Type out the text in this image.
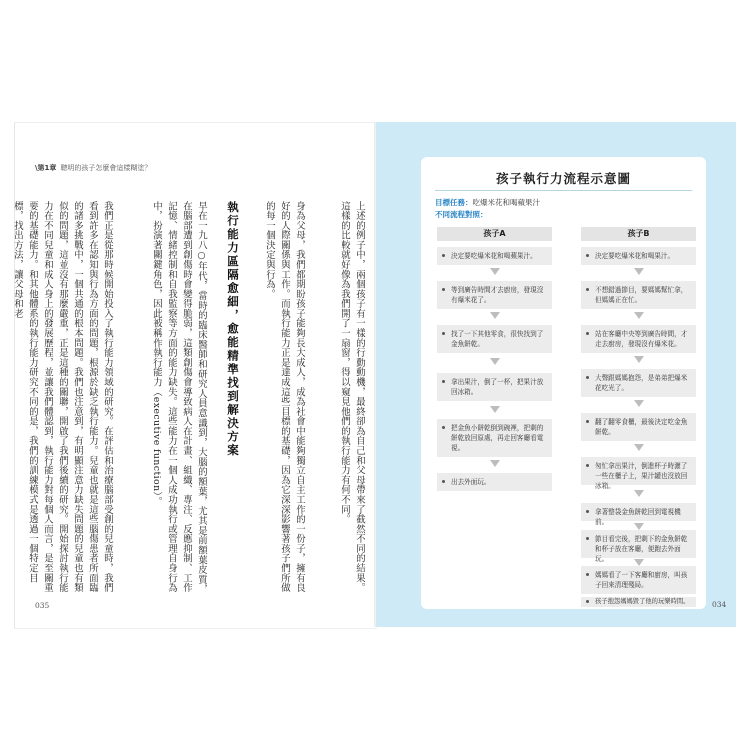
\第1章 聰明的孩子怎麼會這樣糊塗？
上述的例子中，兩個孩子有一樣的行動動機，最終卻為自己和父母帶來了截然不同的結果。這樣的比較就好像為我們開了一扇窗，得以窺見他們的執行能力有何不同。
身為父母，我們都期盼孩子能夠長大成人，成為社會中能夠獨立自主工作的一份子，擁有良好的人際關係與工作。而執行能力正是達成這些目標的基礎，因為它深深影響著孩子們所做的每一個決定與行為。
執行能力區隔愈細，愈能精準找到解決方案
早在一九八○年代，當時的臨床醫師和研究人員意識到，大腦的額葉，尤其是前額葉皮質，在腦部遭到創傷時會變得脆弱，這類創傷會導致病人在計畫、組織、專注、反應抑制、工作記憶、情緒控制和自我監察等方面的能力缺失。這些能力在一個人成功執行或管理自身行為中，扮演著關鍵角色，因此被稱作執行能力（executive function）。
我們正是從那時候開始投入了執行能力領域的研究。在評估和治療腦部受創的兒童時，我們看到許多在認知與行為方面的問題，根源於缺乏執行能力。兒童也就是這些腦傷患者所面臨的諸多挑戰中，一個共通的根本問題。我們也注意到，有明顯注意力缺失問題的兒童也有類似的問題，這並沒有那麼嚴重，正是這種的關聯，開啟了我們後續的研究。開始探討執行能力在不同兒童和成人身上的發展歷程，並讓我們體認到，執行能力對每個人而言，是至關重要的基礎能力。和其他體系的執行能力研究不同的是，我們的訓練模式是透過一個特定目標，找出方法，讓父母和老
035
孩子執行力流程示意圖
目標任務：吃爆米花和喝蘋果汁
不同流程對照：
孩子A	孩子B
決定要吃爆米花和喝蘋果汁。
等到廣告時間才去廚房，發現沒有爆米花了。
找了一下其他零食，很快找到了金魚餅乾。
拿出果汁，倒了一杯，把果汁放回冰箱。
把金魚小餅乾倒到碗裡，把剩的餅乾放回原處，再走回客廳看電視。
出去外面玩。
決定要吃爆米花和喝果汁。
不想錯過節目，要媽媽幫忙拿，但媽媽正在忙。
站在客廳中央等到廣告時間，才走去廚房，發現沒有爆米花。
大聲跟媽媽抱怨，是弟弟把爆米花吃光了。
翻了翻零食櫃，最後決定吃金魚餅乾。
匆忙拿出果汁，倒進杯子時灑了一些在櫃子上，果汁罐也沒放回冰箱。
拿著整袋金魚餅乾回到電視機前。
節目看完後，把剩下的金魚餅乾和杯子放在客廳，便跑去外面玩。
媽媽看了一下客廳和廚房，叫孩子回來清理殘局。
孩子抱怨媽媽毀了他的玩樂時間。	034
